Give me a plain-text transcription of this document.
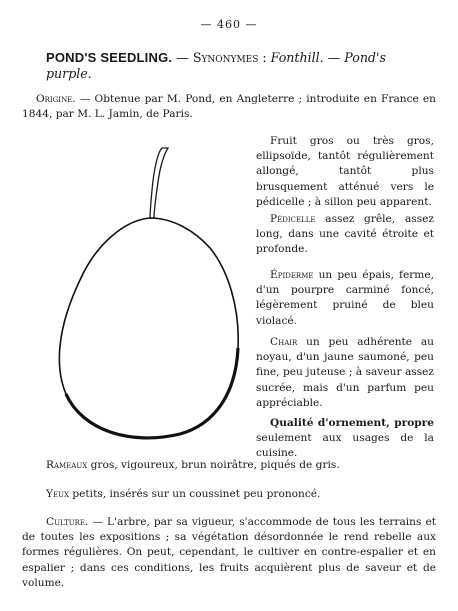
— 460 —
POND'S SEEDLING. — Synonymes : Fonthill. — Pond's purple.
Origine. — Obtenue par M. Pond, en Angleterre ; introduite en France en 1844, par M. L. Jamin, de Paris.
Fruit gros ou très gros, ellipsoïde, tantôt régulièrement allongé, tantôt plus brusquement atténué vers le pédicelle ; à sillon peu apparent.
Pédicelle assez grêle, assez long, dans une cavité étroite et profonde.
Épiderme un peu épais, ferme, d'un pourpre carminé foncé, légèrement pruiné de bleu violacé.
Chair un peu adhérente au noyau, d'un jaune saumoné, peu fine, peu juteuse ; à saveur assez sucrée, mais d'un parfum peu appréciable.
Qualité d'ornement, propre seulement aux usages de la cuisine.
Rameaux gros, vigoureux, brun noirâtre, piqués de gris.
Yeux petits, insérés sur un coussinet peu prononcé.
Culture. — L'arbre, par sa vigueur, s'accommode de tous les terrains et de toutes les expositions ; sa végétation désordonnée le rend rebelle aux formes régulières. On peut, cependant, le cultiver en contre-espalier et en espalier ; dans ces conditions, les fruits acquièrent plus de saveur et de volume.
